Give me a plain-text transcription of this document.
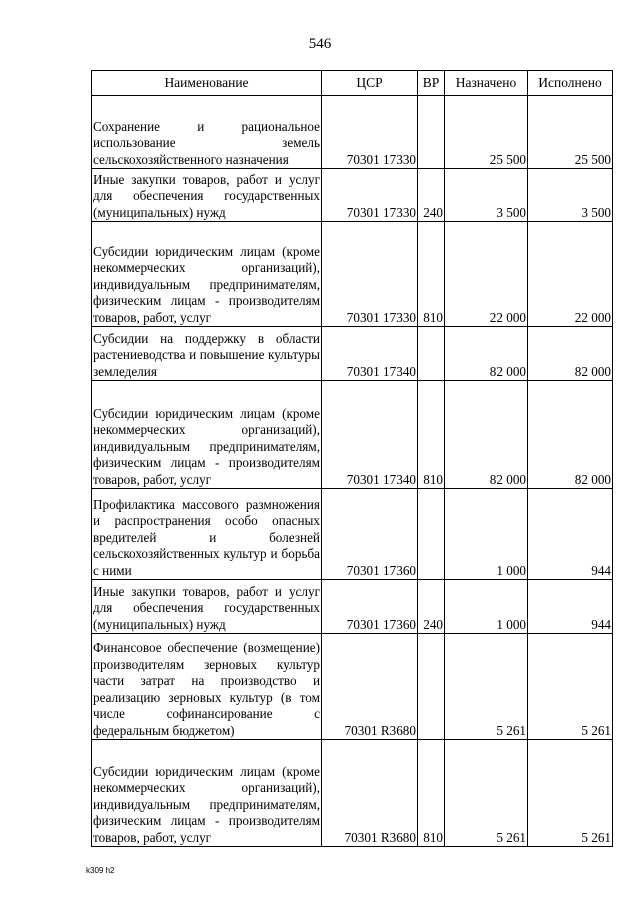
546
Наименование	ЦСР	ВР	Назначено	Исполнено
Сохранение и рациональное использование земель сельскохозяйственного назначения	70301 17330		25 500	25 500
Иные закупки товаров, работ и услуг для обеспечения государственных (муниципальных) нужд	70301 17330	240	3 500	3 500
Субсидии юридическим лицам (кроме некоммерческих организаций), индивидуальным предпринимателям, физическим лицам - производителям товаров, работ, услуг	70301 17330	810	22 000	22 000
Субсидии на поддержку в области растениеводства и повышение культуры земледелия	70301 17340		82 000	82 000
Субсидии юридическим лицам (кроме некоммерческих организаций), индивидуальным предпринимателям, физическим лицам - производителям товаров, работ, услуг	70301 17340	810	82 000	82 000
Профилактика массового размножения и распространения особо опасных вредителей и болезней сельскохозяйственных культур и борьба с ними	70301 17360		1 000	944
Иные закупки товаров, работ и услуг для обеспечения государственных (муниципальных) нужд	70301 17360	240	1 000	944
Финансовое обеспечение (возмещение) производителям зерновых культур части затрат на производство и реализацию зерновых культур (в том числе софинансирование с федеральным бюджетом)	70301 R3680		5 261	5 261
Субсидии юридическим лицам (кроме некоммерческих организаций), индивидуальным предпринимателям, физическим лицам - производителям товаров, работ, услуг	70301 R3680	810	5 261	5 261
k309 h2
